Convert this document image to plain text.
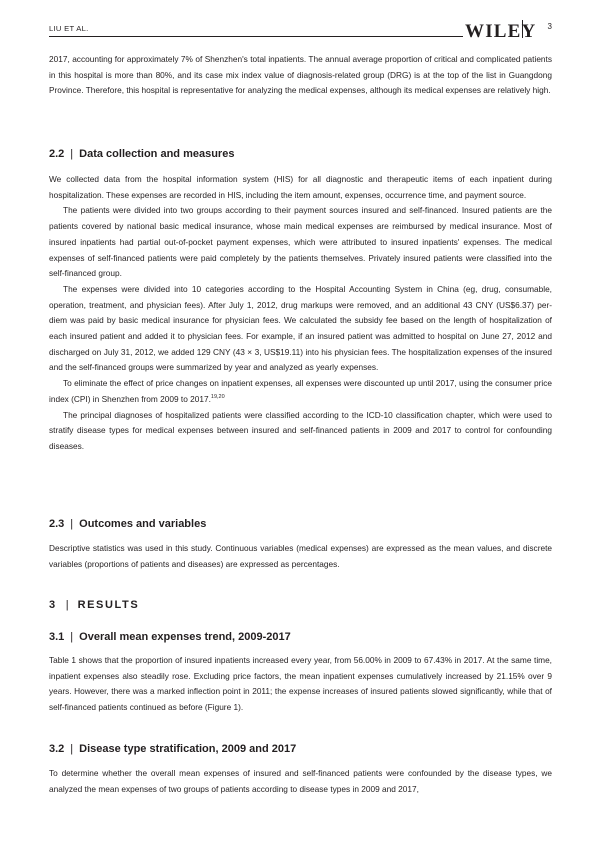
LIU ET AL.	WILEY 3

2017, accounting for approximately 7% of Shenzhen's total inpatients. The annual average proportion of critical and complicated patients in this hospital is more than 80%, and its case mix index value of diagnosis-related group (DRG) is at the top of the list in Guangdong Province. Therefore, this hospital is representative for analyzing the medical expenses, although its medical expenses are relatively high.

2.2 | Data collection and measures

We collected data from the hospital information system (HIS) for all diagnostic and therapeutic items of each inpatient during hospitalization. These expenses are recorded in HIS, including the item amount, expenses, occurrence time, and payment source.

The patients were divided into two groups according to their payment sources insured and self-financed. Insured patients are the patients covered by national basic medical insurance, whose main medical expenses are reimbursed by medical insurance. Most of insured inpatients had partial out-of-pocket payment expenses, which were attributed to insured inpatients' expenses. The medical expenses of self-financed patients were paid completely by the patients themselves. Privately insured patients were classified into the self-financed group.

The expenses were divided into 10 categories according to the Hospital Accounting System in China (eg, drug, consumable, operation, treatment, and physician fees). After July 1, 2012, drug markups were removed, and an additional 43 CNY (US$6.37) per-diem was paid by basic medical insurance for physician fees. We calculated the subsidy fee based on the length of hospitalization of each insured patient and added it to physician fees. For example, if an insured patient was admitted to hospital on June 27, 2012 and discharged on July 31, 2012, we added 129 CNY (43 × 3, US$19.11) into his physician fees. The hospitalization expenses of the insured and the self-financed groups were summarized by year and analyzed as yearly expenses.

To eliminate the effect of price changes on inpatient expenses, all expenses were discounted up until 2017, using the consumer price index (CPI) in Shenzhen from 2009 to 2017.$^{19,20}$

The principal diagnoses of hospitalized patients were classified according to the ICD-10 classification chapter, which were used to stratify disease types for medical expenses between insured and self-financed patients in 2009 and 2017 to control for confounding diseases.

2.3 | Outcomes and variables

Descriptive statistics was used in this study. Continuous variables (medical expenses) are expressed as the mean values, and discrete variables (proportions of patients and diseases) are expressed as percentages.

3 | RESULTS
3.1 | Overall mean expenses trend, 2009-2017

Table 1 shows that the proportion of insured inpatients increased every year, from 56.00% in 2009 to 67.43% in 2017. At the same time, inpatient expenses also steadily rose. Excluding price factors, the mean inpatient expenses cumulatively increased by 21.15% over 9 years. However, there was a marked inflection point in 2011; the expense increases of insured patients slowed significantly, while that of self-financed patients continued as before (Figure 1).

3.2 | Disease type stratification, 2009 and 2017

To determine whether the overall mean expenses of insured and self-financed patients were confounded by the disease types, we analyzed the mean expenses of two groups of patients according to disease types in 2009 and 2017,
